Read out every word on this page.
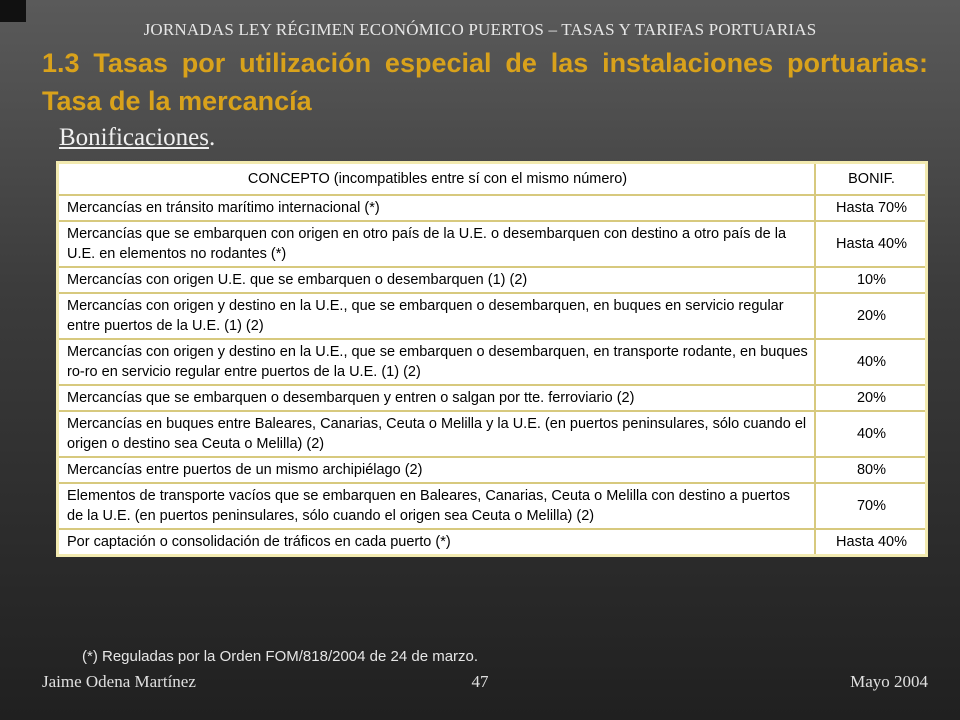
JORNADAS LEY RÉGIMEN ECONÓMICO PUERTOS – TASAS Y TARIFAS PORTUARIAS
1.3 Tasas por utilización especial de las instalaciones portuarias: Tasa de la mercancía
Bonificaciones.
CONCEPTO (incompatibles entre sí con el mismo número)	BONIF.
Mercancías en tránsito marítimo internacional (*)	Hasta 70%
Mercancías que se embarquen con origen en otro país de la U.E. o desembarquen con destino a otro país de la U.E. en elementos no rodantes (*)	Hasta 40%
Mercancías con origen U.E. que se embarquen o desembarquen (1) (2)	10%
Mercancías con origen y destino en la U.E., que se embarquen o desembarquen, en buques en servicio regular entre puertos de la U.E. (1) (2)	20%
Mercancías con origen y destino en la U.E., que se embarquen o desembarquen, en transporte rodante, en buques ro-ro en servicio regular entre puertos de la U.E. (1) (2)	40%
Mercancías que se embarquen o desembarquen y entren o salgan por tte. ferroviario (2)	20%
Mercancías en buques entre Baleares, Canarias, Ceuta o Melilla y la U.E. (en puertos peninsulares, sólo cuando el origen o destino sea Ceuta o Melilla) (2)	40%
Mercancías entre puertos de un mismo archipiélago (2)	80%
Elementos de transporte vacíos que se embarquen en Baleares, Canarias, Ceuta o Melilla con destino a puertos de la U.E. (en puertos peninsulares, sólo cuando el origen sea Ceuta o Melilla) (2)	70%
Por captación o consolidación de tráficos en cada puerto (*)	Hasta 40%
(*) Reguladas por la Orden FOM/818/2004 de 24 de marzo.
Jaime Odena Martínez	47	Mayo 2004
